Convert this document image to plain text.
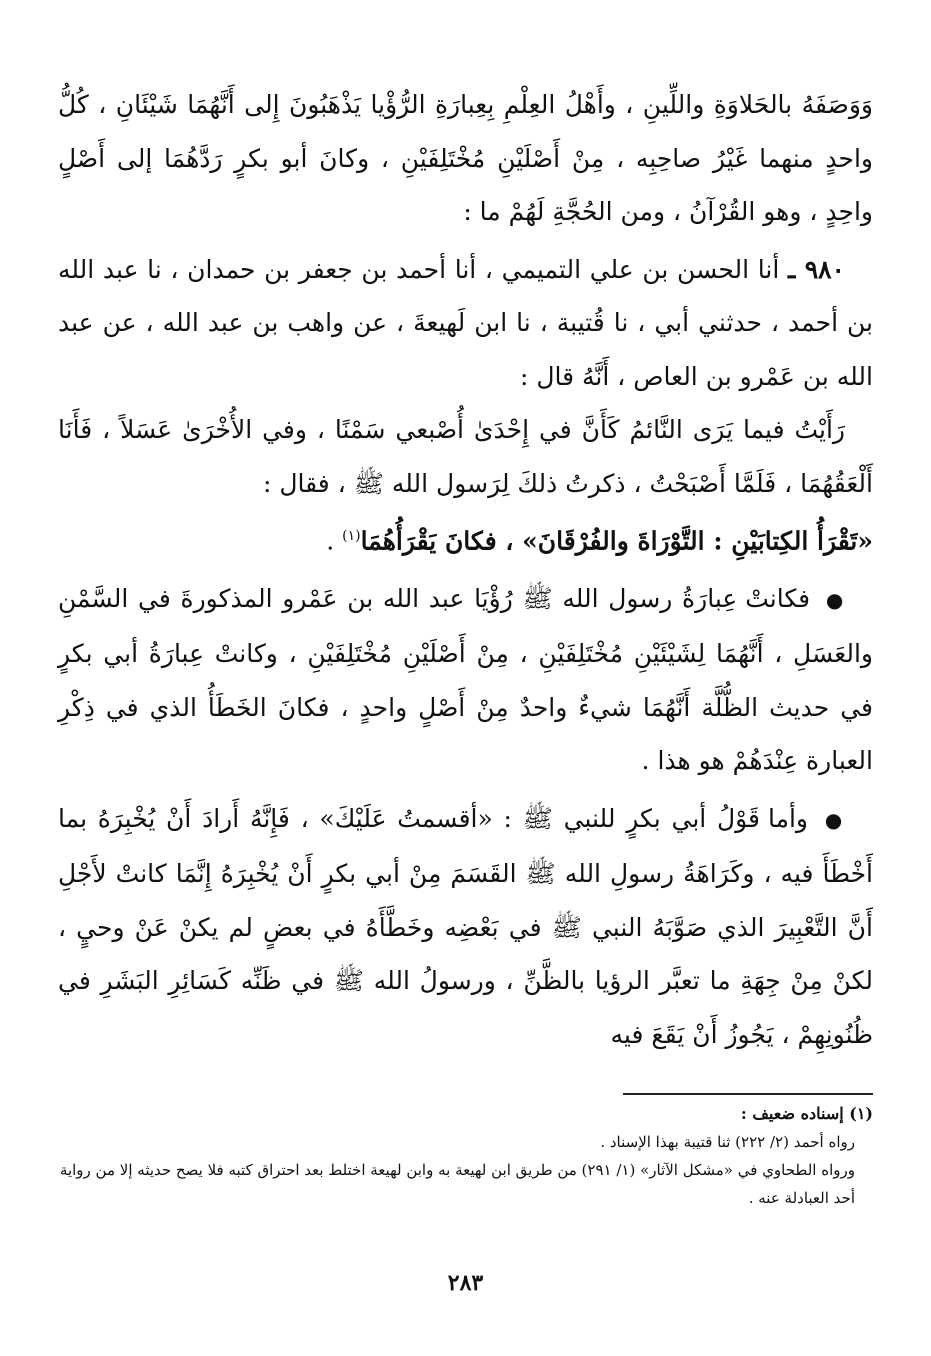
وَوَصَفَهُ بالحَلاوَةِ واللِّينِ ، وأَهْلُ العِلْمِ بِعِبارَةِ الرُّؤْيا يَذْهَبُونَ إِلى أَنَّهُمَا شَيْئَانِ ، كُلُّ واحدٍ منهما غَيْرُ صاحِبِه ، مِنْ أَصْلَيْنِ مُخْتَلِفَيْنِ ، وكانَ أبو بكرٍ رَدَّهُمَا إلى أَصْلٍ واحِدٍ ، وهو القُرْآنُ ، ومن الحُجَّةِ لَهُمْ ما :

٩٨٠ ـ أنا الحسن بن علي التميمي ، أنا أحمد بن جعفر بن حمدان ، نا عبد الله بن أحمد ، حدثني أبي ، نا قُتيبة ، نا ابن لَهيعةَ ، عن واهب بن عبد الله ، عن عبد الله بن عَمْرو بن العاص ، أَنَّهُ قال :

رَأَيْتُ فيما يَرَى النَّائمُ كَأَنَّ في إِحْدَىٰ أُصْبعي سَمْنًا ، وفي الأُخْرَىٰ عَسَلاً ، فَأَنَا أَلْعَقُهُمَا ، فَلَمَّا أَصْبَحْتُ ، ذكرتُ ذلكَ لِرَسول الله ﷺ ، فقال :

«تَقْرَأُ الكِتابَيْنِ : التَّوْرَاةَ والفُرْقَانَ» ، فكانَ يَقْرَأُهُمَا$^{(١)}$ .

● فكانتْ عِبارَةُ رسول الله ﷺ رُؤْيَا عبد الله بن عَمْرو المذكورةَ في السَّمْنِ والعَسَلِ ، أَنَّهُمَا لِشَيْئَيْنِ مُخْتَلِفَيْنِ ، مِنْ أَصْلَيْنِ مُخْتَلِفَيْنِ ، وكانتْ عِبارَةُ أبي بكرٍ في حديث الظُّلَّة أَنَّهُمَا شيءٌ واحدٌ مِنْ أَصْلٍ واحدٍ ، فكانَ الخَطَأُ الذي في ذِكْرِ العبارة عِنْدَهُمْ هو هذا .

● وأما قَوْلُ أبي بكرٍ للنبي ﷺ : «أقسمتُ عَلَيْكَ» ، فَإِنَّهُ أَرادَ أَنْ يُخْبِرَهُ بما أَخْطَأَ فيه ، وكَرَاهَةُ رسولِ الله ﷺ القَسَمَ مِنْ أبي بكرٍ أَنْ يُخْبِرَهُ إِنَّمَا كانتْ لأَجْلِ أَنَّ التَّعْبِيرَ الذي صَوَّبَهُ النبي ﷺ في بَعْضِه وخَطَّأَهُ في بعضٍ لم يكنْ عَنْ وحيٍ ، لكنْ مِنْ جِهَةِ ما تعبَّر الرؤيا بالظَّنِّ ، ورسولُ الله ﷺ في ظَنِّه كَسَائِرِ البَشَرِ في ظُنُونِهِمْ ، يَجُوزُ أَنْ يَقَعَ فيه

(١) إسناده ضعيف :

رواه أحمد (٢/ ٢٢٢) ثنا قتيبة بهذا الإسناد .

ورواه الطحاوي في «مشكل الآثار» (١/ ٢٩١) من طريق ابن لهيعة به وابن لهيعة اختلط بعد احتراق كتبه فلا يصح حديثه إلا من رواية أحد العبادلة عنه .

٢٨٣
